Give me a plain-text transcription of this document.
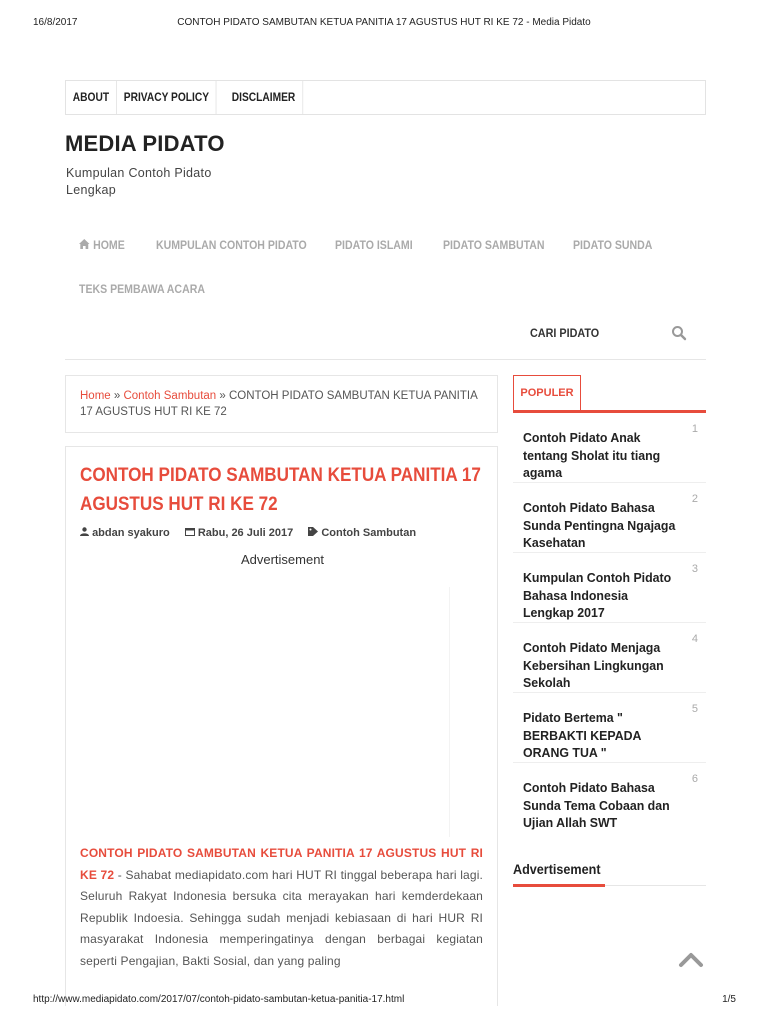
16/8/2017	CONTOH PIDATO SAMBUTAN KETUA PANITIA 17 AGUSTUS HUT RI KE 72 - Media Pidato
ABOUT	PRIVACY POLICY	DISCLAIMER
MEDIA PIDATO
Kumpulan Contoh Pidato Lengkap
HOME	KUMPULAN CONTOH PIDATO PIDATO ISLAMI	PIDATO SAMBUTAN PIDATO SUNDA
TEKS PEMBAWA ACARA
CARI PIDATO
Home » Contoh Sambutan » CONTOH PIDATO SAMBUTAN KETUA PANITIA 17 AGUSTUS HUT RI KE 72
CONTOH PIDATO SAMBUTAN KETUA PANITIA 17 AGUSTUS HUT RI KE 72
abdan syakuro	Rabu, 26 Juli 2017	Contoh Sambutan
Advertisement
CONTOH PIDATO SAMBUTAN KETUA PANITIA 17 AGUSTUS HUT RI KE 72 - Sahabat mediapidato.com hari HUT RI tinggal beberapa hari lagi. Seluruh Rakyat Indonesia bersuka cita merayakan hari kemderdekaan Republik Indoesia. Sehingga sudah menjadi kebiasaan di hari HUR RI masyarakat Indonesia memperingatinya dengan berbagai kegiatan seperti Pengajian, Bakti Sosial, dan yang paling
POPULER
Contoh Pidato Anak tentang Sholat itu tiang agama
1
Contoh Pidato Bahasa Sunda Pentingna Ngajaga Kasehatan
2
Kumpulan Contoh Pidato Bahasa Indonesia Lengkap 2017
3
Contoh Pidato Menjaga Kebersihan Lingkungan Sekolah
4
Pidato Bertema " BERBAKTI KEPADA ORANG TUA "
5
Contoh Pidato Bahasa Sunda Tema Cobaan dan Ujian Allah SWT
6
Advertisement
http://www.mediapidato.com/2017/07/contoh-pidato-sambutan-ketua-panitia-17.html	1/5
